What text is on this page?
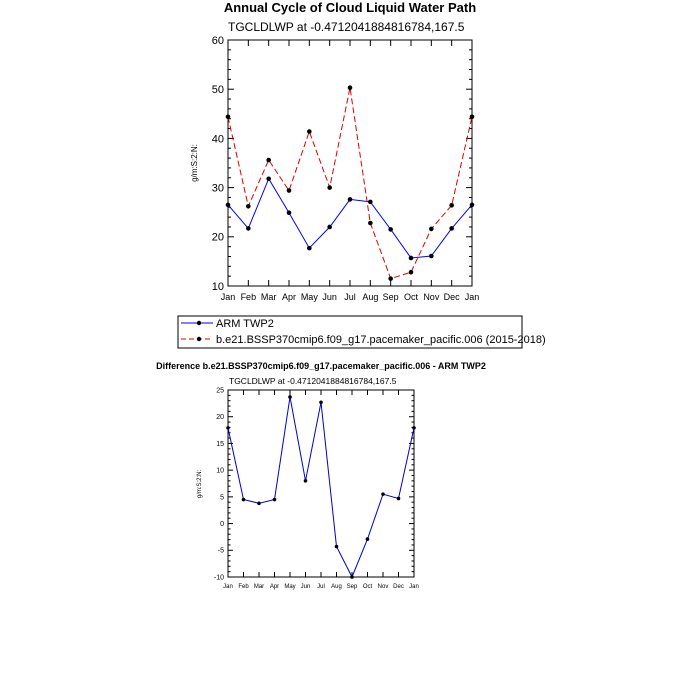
Annual Cycle of Cloud Liquid Water Path
TGCLDLWP at -0.4712041884816784,167.5
g/m:S:2:N:
10
20
30
40
50
60
Jan Feb Mar Apr May Jun Jul Aug Sep Oct Nov Dec Jan
ARM TWP2
b.e21.BSSP370cmip6.f09_g17.pacemaker_pacific.006 (2015-2018)
Difference b.e21.BSSP370cmip6.f09_g17.pacemaker_pacific.006 - ARM TWP2
TGCLDLWP at -0.4712041884816784,167.5
g/m:S:2:N:
-10
-5
0
5
10
15
20
25
Jan Feb Mar Apr May Jun Jul Aug Sep Oct Nov Dec Jan
